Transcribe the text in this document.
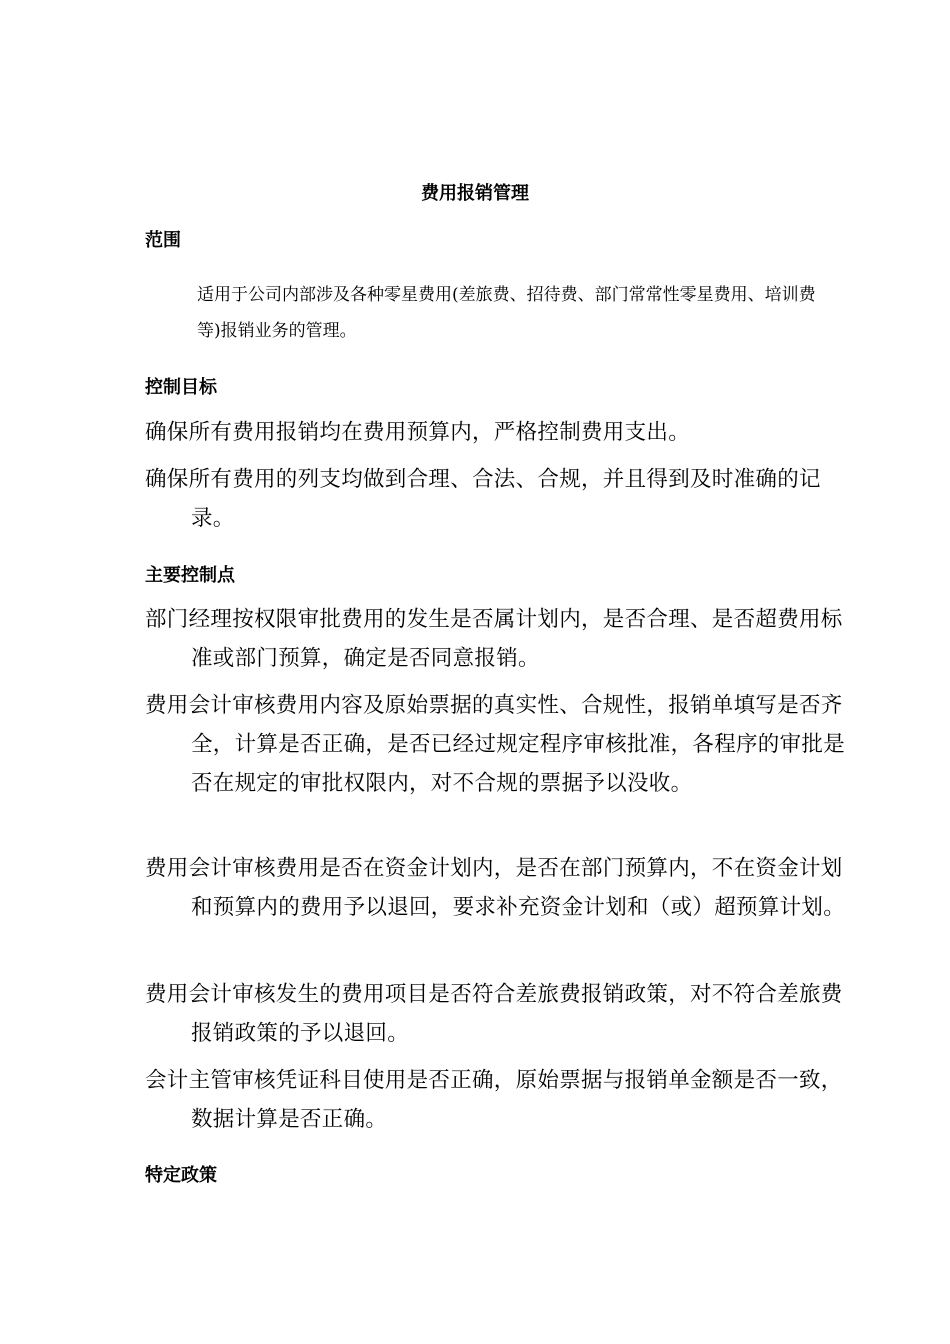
费用报销管理
范围
适用于公司内部涉及各种零星费用(差旅费、招待费、部门常常性零星费用、培训费等)报销业务的管理。
控制目标
确保所有费用报销均在费用预算内，严格控制费用支出。
确保所有费用的列支均做到合理、合法、合规，并且得到及时准确的记录。
主要控制点
部门经理按权限审批费用的发生是否属计划内，是否合理、是否超费用标准或部门预算，确定是否同意报销。
费用会计审核费用内容及原始票据的真实性、合规性，报销单填写是否齐全，计算是否正确，是否已经过规定程序审核批准，各程序的审批是否在规定的审批权限内，对不合规的票据予以没收。
费用会计审核费用是否在资金计划内，是否在部门预算内，不在资金计划和预算内的费用予以退回，要求补充资金计划和（或）超预算计划。
费用会计审核发生的费用项目是否符合差旅费报销政策，对不符合差旅费报销政策的予以退回。
会计主管审核凭证科目使用是否正确，原始票据与报销单金额是否一致，数据计算是否正确。
特定政策
